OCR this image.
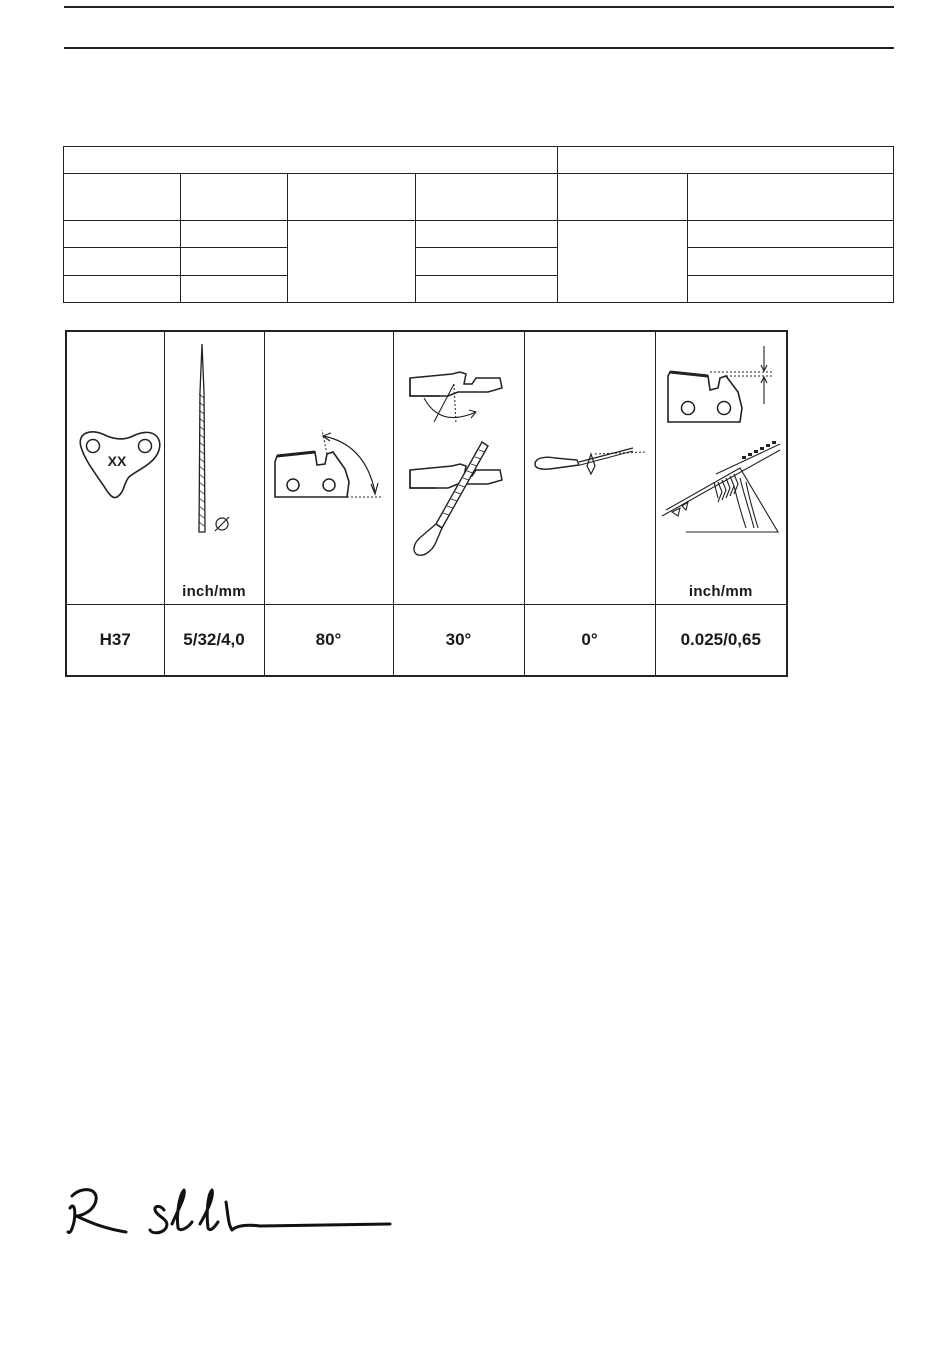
XX	inch/mm				inch/mm

H37	5/32/4,0	80°	30°	0°	0.025/0,65
